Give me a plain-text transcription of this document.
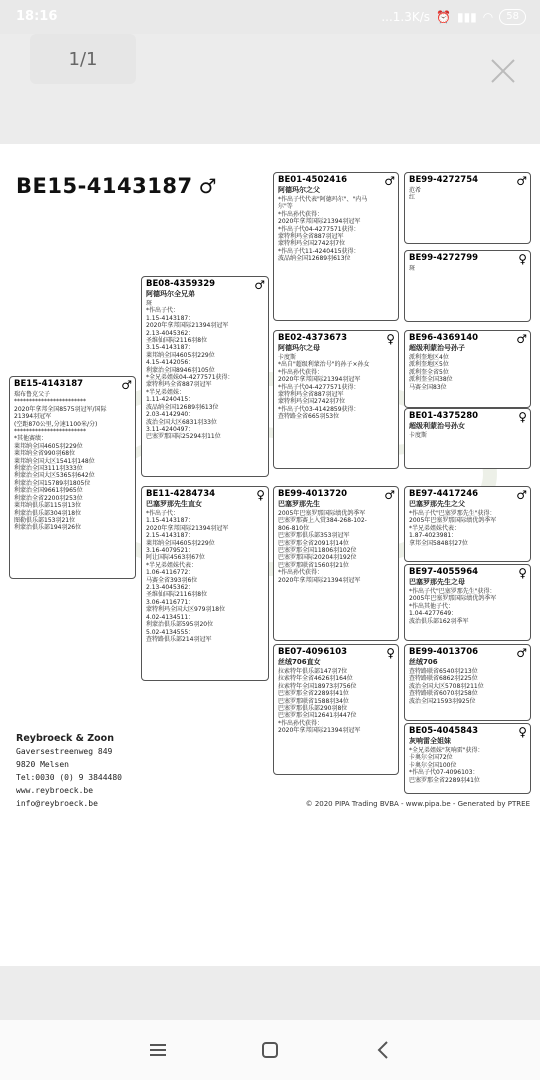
18:16	...1.3K/s ⏰ ▮▮▮ ◠	58
1/1
BE15-4143187 ♂
BE15-4143187	♂
瑞布鲁克父子
************************
2020年拿邦全国8575羽冠军/国际
21394羽冠军
(空距870公里,分速1100米/分)
************************
*其他赛绩：
莱邦纳全国4605羽229位
莱邦纳全省990羽68位
莱邦纳全国大区1541羽148位
利蒙治全国3111羽333位
利蒙治全国大区5365羽642位
利蒙治全国15789羽1805位
利蒙治全国9661羽965位
利蒙治全省2200羽253位
莱邦纳俱乐部115羽13位
利蒙治俱乐部304羽18位
图勒俱乐部153羽21位
利蒙治俱乐部194羽26位
BE08-4359329	♂
阿德玛尔全兄弟
斑
*作出子代：
1.15-4143187：
2020年拿邦国际21394羽冠军
2.13-4045362：
圣维仙国际2116羽8位
3.15-4143187：
莱邦纳全国4605羽229位
4.15-4142056：
利蒙治全国8946羽105位
*全兄弟姐妹04-4277571获得：
蒙特利玛全省887羽冠军
*半兄弟姐妹：
1.11-4240415：
波品纳全国12689羽613位
2.03-4142940：
波治全国大区6831羽33位
3.11-4240497：
巴塞罗那国际25294羽11位
BE11-4284734	♀
巴塞罗那先生直女
*作出子代：
1.15-4143187：
2020年拿邦国际21394羽冠军
2.15-4143187：
莱邦纳全国4605羽229位
3.16-4079521：
阿让国际4563羽67位
*半兄弟姐妹代表：
1.06-4116772：
马赛全省393羽6位
2.13-4045362：
圣维仙国际2116羽8位
3.06-4116771：
蒙特利玛全国大区979羽18位
4.02-4134511：
利蒙治俱乐部595羽20位
5.02-4134555：
查特路俱乐部214羽冠军
BE01-4502416	♂
阿德玛尔之父
*作出子代代表"阿德玛尔"、"内马
尔"等
*作出孙代获得：
2020年拿邦国际21394羽冠军
*作出子代04-4277571获得：
蒙特利玛全省887羽冠军
蒙特利玛全国2742羽7位
*作出子代11-4240415获得：
波品纳全国12689羽613位
BE02-4373673	♀
阿德玛尔之母
卡度斯
*出自"超级利蒙治号"的孙子×孙女
*作出孙代获得：
2020年拿邦国际21394羽冠军
*作出子代04-4277571获得：
蒙特利玛全省887羽冠军
蒙特利玛全国2742羽7位
*作出子代03-4142859获得：
查特路全省665羽53位
BE99-4013720	♂
巴塞罗那先生
2005年巴塞罗那国际绩优鸽季军
巴塞罗那赛上入赏384-268-102-
806-810位
巴塞罗那俱乐部353羽冠军
巴塞罗那全省2091羽14位
巴塞罗那全国11806羽102位
巴塞罗那国际20204羽192位
巴塞罗那联省1560羽21位
*作出孙代获得：
2020年拿邦国际21394羽冠军
BE07-4096103	♀
丝绒706直女
拉索特年俱乐部147羽7位
拉索特年全省4626羽164位
拉索特年全国18973羽756位
巴塞罗那全省2289羽41位
巴塞罗那联省1588羽34位
巴塞罗那俱乐部290羽8位
巴塞罗那全国12641羽447位
*作出孙代获得：
2020年拿邦国际21394羽冠军
BE99-4272754	♂
范希
红
BE99-4272799	♀
斑
BE96-4369140	♂
超级利蒙治号孙子
派利奎地区4位
派利奎地区5位
派利奎全省5位
派利奎全国38位
马赛全国83位
BE01-4375280	♀
超级利蒙治号孙女
卡度斯
BE97-4417246	♂
巴塞罗那先生之父
*作出子代"巴塞罗那先生"获得：
2005年巴塞罗那国际绩优鸽季军
*半兄弟姐妹代表：
1.87-4023981：
拿邦全国5848羽27位
BE97-4055964	♀
巴塞罗那先生之母
*作出子代"巴塞罗那先生"获得：
2005年巴塞罗那国际绩优鸽季军
*作出其他子代：
1.04-4277649：
波治俱乐部162羽季军
BE99-4013706	♂
丝绒706
查特路联省6540羽213位
查特路联省6862羽225位
波治全国大区5708羽211位
查特路联省6070羽258位
波治全国21593羽925位
BE05-4045843	♀
灰响雷全姐妹
*全兄弟姐妹"灰响雷"获得：
卡奥尔全国72位
卡奥尔全国100位
*作出子代07-4096103：
巴塞罗那全省2289羽41位
Reybroeck & Zoon
Gaversestreenweg 849
9820 Melsen
Tel:0030 (0) 9 3844480
www.reybroeck.be
info@reybroeck.be	© 2020 PIPA Trading BVBA - www.pipa.be - Generated by PTREE
